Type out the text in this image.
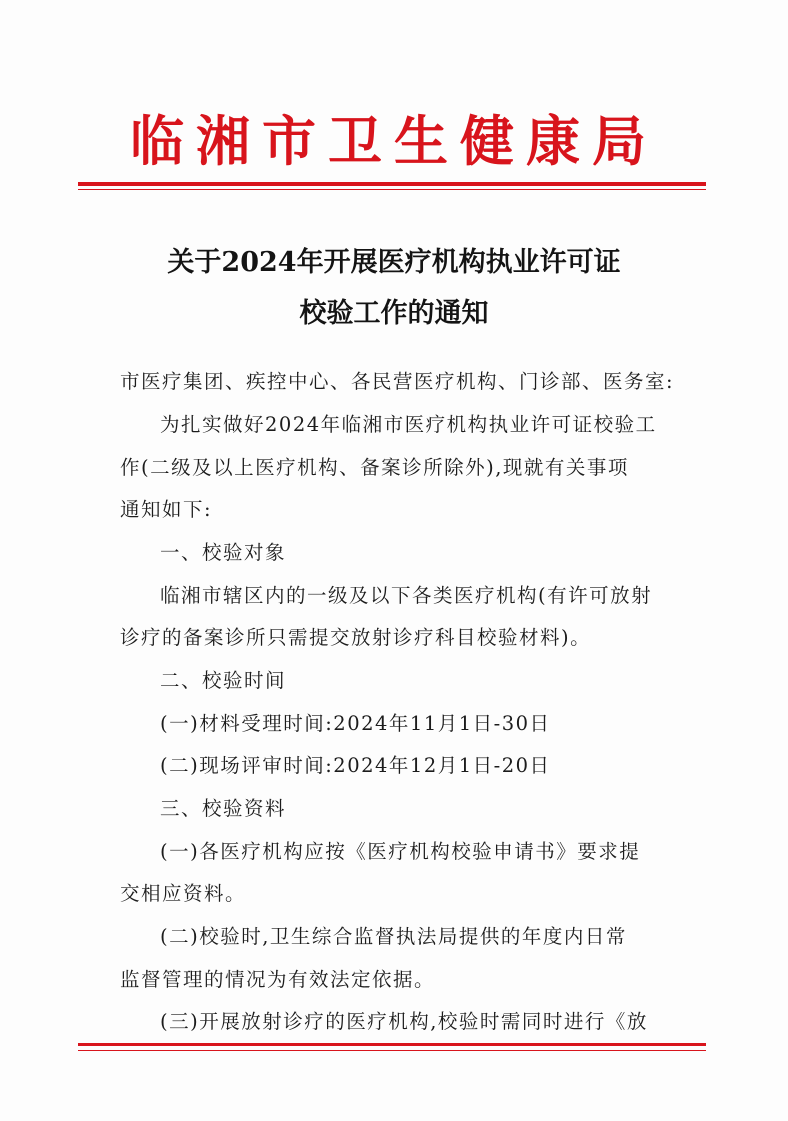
临湘市卫生健康局
关于2024年开展医疗机构执业许可证
校验工作的通知
市医疗集团、疾控中心、各民营医疗机构、门诊部、医务室:
为扎实做好2024年临湘市医疗机构执业许可证校验工
作(二级及以上医疗机构、备案诊所除外),现就有关事项
通知如下:
一、校验对象
临湘市辖区内的一级及以下各类医疗机构(有许可放射
诊疗的备案诊所只需提交放射诊疗科目校验材料)。
二、校验时间
(一)材料受理时间:2024年11月1日-30日
(二)现场评审时间:2024年12月1日-20日
三、校验资料
(一)各医疗机构应按《医疗机构校验申请书》要求提
交相应资料。
(二)校验时,卫生综合监督执法局提供的年度内日常
监督管理的情况为有效法定依据。
(三)开展放射诊疗的医疗机构,校验时需同时进行《放
